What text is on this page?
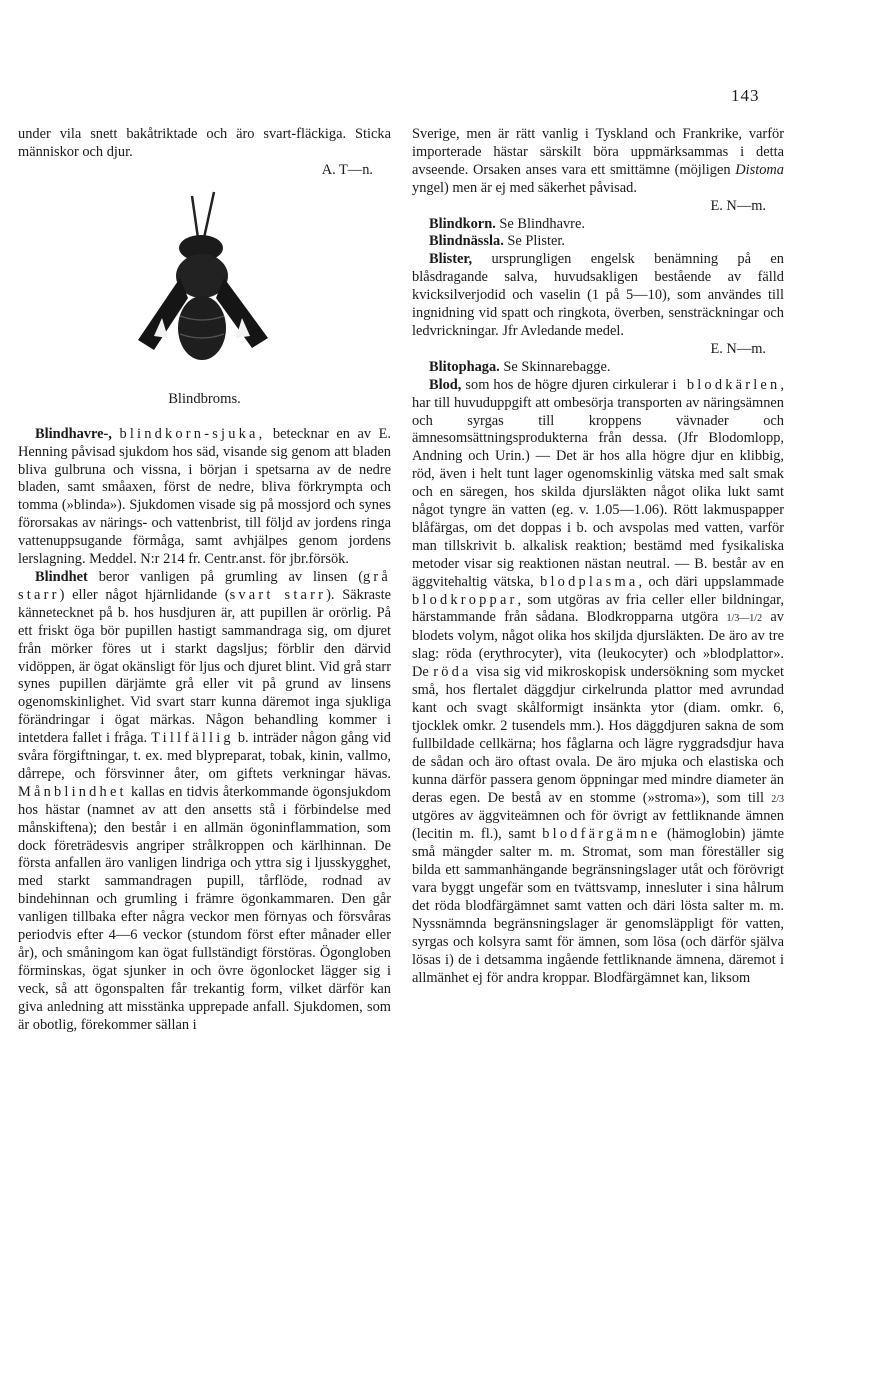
143

under vila snett bakåtriktade och äro svart-fläckiga. Sticka människor och djur.

A. T—n.

Blindbroms.

Blindhavre-, blindkorn-sjuka, betecknar en av E. Henning påvisad sjukdom hos säd, visande sig genom att bladen bliva gulbruna och vissna, i början i spetsarna av de nedre bladen, samt småaxen, först de nedre, bliva förkrympta och tomma (»blinda»). Sjukdomen visade sig på mossjord och synes förorsakas av närings- och vattenbrist, till följd av jordens ringa vattenuppsugande förmåga, samt avhjälpes genom jordens lerslagning. Meddel. N:r 214 fr. Centr.anst. för jbr.försök.

Blindhet beror vanligen på grumling av linsen (grå starr) eller något hjärnlidande (svart starr). Säkraste kännetecknet på b. hos husdjuren är, att pupillen är orörlig. På ett friskt öga bör pupillen hastigt sammandraga sig, om djuret från mörker föres ut i starkt dagsljus; förblir den därvid vidöppen, är ögat okänsligt för ljus och djuret blint. Vid grå starr synes pupillen därjämte grå eller vit på grund av linsens ogenomskinlighet. Vid svart starr kunna däremot inga sjukliga förändringar i ögat märkas. Någon behandling kommer i intetdera fallet i fråga. Tillfällig b. inträder någon gång vid svåra förgiftningar, t. ex. med blypreparat, tobak, kinin, vallmo, dårrepe, och försvinner åter, om giftets verkningar hävas. Månblindhet kallas en tidvis återkommande ögonsjukdom hos hästar (namnet av att den ansetts stå i förbindelse med månskiftena); den består i en allmän ögoninflammation, som dock företrädesvis angriper strålkroppen och kärlhinnan. De första anfallen äro vanligen lindriga och yttra sig i ljusskygghet, med starkt sammandragen pupill, tårflöde, rodnad av bindehinnan och grumling i främre ögonkammaren. Den går vanligen tillbaka efter några veckor men förnyas och försvåras periodvis efter 4—6 veckor (stundom först efter månader eller år), och småningom kan ögat fullständigt förstöras. Ögongloben förminskas, ögat sjunker in och övre ögonlocket lägger sig i veck, så att ögonspalten får trekantig form, vilket därför kan giva anledning att misstänka upprepade anfall. Sjukdomen, som är obotlig, förekommer sällan i

Sverige, men är rätt vanlig i Tyskland och Frankrike, varför importerade hästar särskilt böra uppmärksammas i detta avseende. Orsaken anses vara ett smittämne (möjligen Distoma yngel) men är ej med säkerhet påvisad.

E. N—m.

Blindkorn. Se Blindhavre.

Blindnässla. Se Plister.

Blister, ursprungligen engelsk benämning på en blåsdragande salva, huvudsakligen bestående av fälld kvicksilverjodid och vaselin (1 på 5—10), som användes till ingnidning vid spatt och ringkota, överben, sensträckningar och ledvrickningar. Jfr Avledande medel.

E. N—m.

Blitophaga. Se Skinnarebagge.

Blod, som hos de högre djuren cirkulerar i blodkärlen, har till huvuduppgift att ombesörja transporten av näringsämnen och syrgas till kroppens vävnader och ämnesomsättningsprodukterna från dessa. (Jfr Blodomlopp, Andning och Urin.) — Det är hos alla högre djur en klibbig, röd, även i helt tunt lager ogenomskinlig vätska med salt smak och en säregen, hos skilda djursläkten något olika lukt samt något tyngre än vatten (eg. v. 1.05—1.06). Rött lakmuspapper blåfärgas, om det doppas i b. och avspolas med vatten, varför man tillskrivit b. alkalisk reaktion; bestämd med fysikaliska metoder visar sig reaktionen nästan neutral. — B. består av en äggvitehaltig vätska, blodplasma, och däri uppslammade blodkroppar, som utgöras av fria celler eller bildningar, härstammande från sådana. Blodkropparna utgöra 1/3—1/2 av blodets volym, något olika hos skiljda djursläkten. De äro av tre slag: röda (erythrocyter), vita (leukocyter) och »blodplattor». De röda visa sig vid mikroskopisk undersökning som mycket små, hos flertalet däggdjur cirkelrunda plattor med avrundad kant och svagt skålformigt insänkta ytor (diam. omkr. 6, tjocklek omkr. 2 tusendels mm.). Hos däggdjuren sakna de som fullbildade cellkärna; hos fåglarna och lägre ryggradsdjur hava de sådan och äro oftast ovala. De äro mjuka och elastiska och kunna därför passera genom öppningar med mindre diameter än deras egen. De bestå av en stomme (»stroma»), som till 2/3 utgöres av äggviteämnen och för övrigt av fettliknande ämnen (lecitin m. fl.), samt blodfärgämne (hämoglobin) jämte små mängder salter m. m. Stromat, som man föreställer sig bilda ett sammanhängande begränsningslager utåt och förövrigt vara byggt ungefär som en tvättsvamp, innesluter i sina hålrum det röda blodfärgämnet samt vatten och däri lösta salter m. m. Nyssnämnda begränsningslager är genomsläppligt för vatten, syrgas och kolsyra samt för ämnen, som lösa (och därför själva lösas i) de i detsamma ingående fettliknande ämnena, däremot i allmänhet ej för andra kroppar. Blodfärgämnet kan, liksom
